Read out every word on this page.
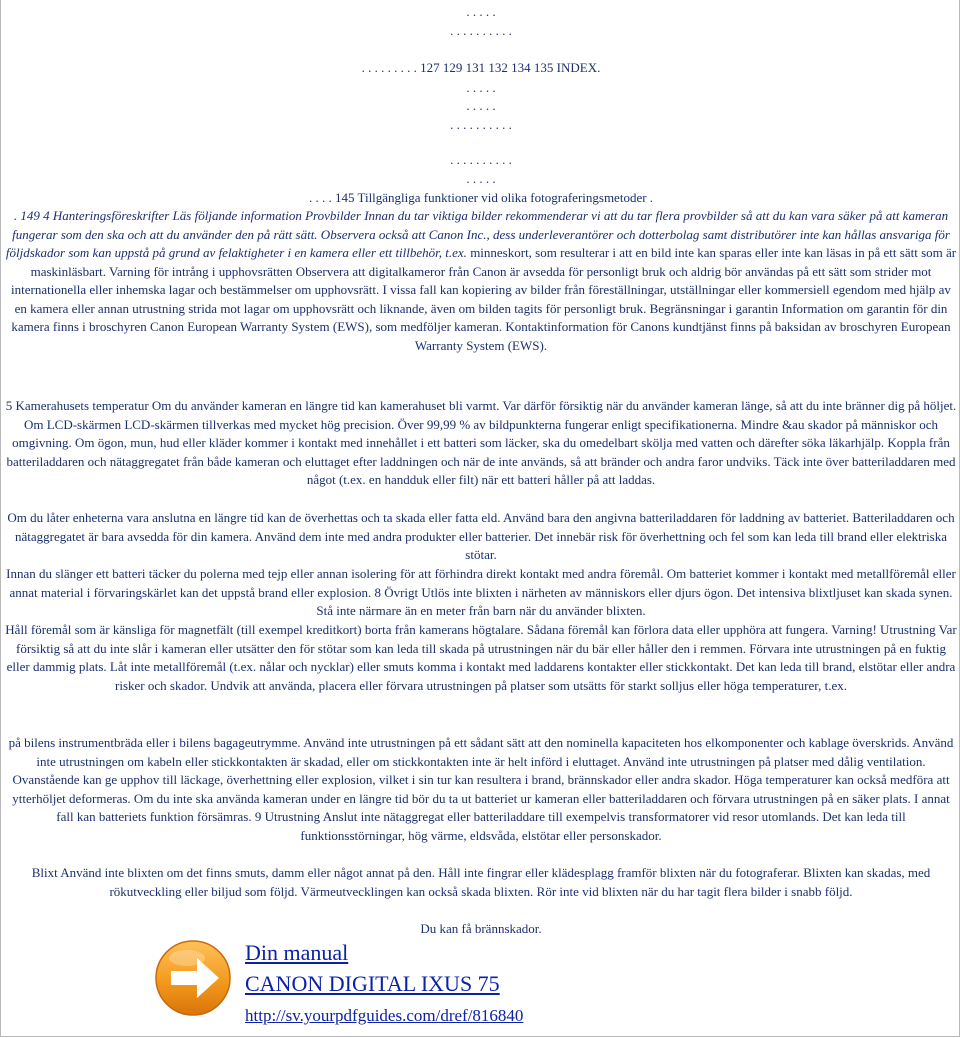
. . . . .
. . . . . . . . . .
. . . . . . . . . 127 129 131 132 134 135 INDEX.
. . . . .
. . . . .
. . . . . . . . . .
. . . . . . . . . .
. . . . .
. . . . 145 Tillgängliga funktioner vid olika fotograferingsmetoder .
. 149 4 Hanteringsföreskrifter Läs följande information Provbilder Innan du tar viktiga bilder rekommenderar vi att du tar flera provbilder så att du kan vara säker på att kameran fungerar som den ska och att du använder den på rätt sätt. Observera också att Canon Inc., dess underleverantörer och dotterbolag samt distributörer inte kan hållas ansvariga för följdskador som kan uppstå på grund av felaktigheter i en kamera eller ett tillbehör, t.ex. minneskort, som resulterar i att en bild inte kan sparas eller inte kan läsas in på ett sätt som är maskinläsbart. Varning för intrång i upphovsrätten Observera att digitalkameror från Canon är avsedda för personligt bruk och aldrig bör användas på ett sätt som strider mot internationella eller inhemska lagar och bestämmelser om upphovsrätt. I vissa fall kan kopiering av bilder från föreställningar, utställningar eller kommersiell egendom med hjälp av en kamera eller annan utrustning strida mot lagar om upphovsrätt och liknande, även om bilden tagits för personligt bruk. Begränsningar i garantin Information om garantin för din kamera finns i broschyren Canon European Warranty System (EWS), som medföljer kameran. Kontaktinformation för Canons kundtjänst finns på baksidan av broschyren European Warranty System (EWS).
5 Kamerahusets temperatur Om du använder kameran en längre tid kan kamerahuset bli varmt. Var därför försiktig när du använder kameran länge, så att du inte bränner dig på höljet. Om LCD-skärmen LCD-skärmen tillverkas med mycket hög precision. Över 99,99 % av bildpunkterna fungerar enligt specifikationerna. Mindre &au skador på människor och omgivning. Om ögon, mun, hud eller kläder kommer i kontakt med innehållet i ett batteri som läcker, ska du omedelbart skölja med vatten och därefter söka läkarhjälp. Koppla från batteriladdaren och nätaggregatet från både kameran och eluttaget efter laddningen och när de inte används, så att bränder och andra faror undviks. Täck inte över batteriladdaren med något (t.ex. en handduk eller filt) när ett batteri håller på att laddas.
Om du låter enheterna vara anslutna en längre tid kan de överhettas och ta skada eller fatta eld. Använd bara den angivna batteriladdaren för laddning av batteriet. Batteriladdaren och nätaggregatet är bara avsedda för din kamera. Använd dem inte med andra produkter eller batterier. Det innebär risk för överhettning och fel som kan leda till brand eller elektriska stötar.
Innan du slänger ett batteri täcker du polerna med tejp eller annan isolering för att förhindra direkt kontakt med andra föremål. Om batteriet kommer i kontakt med metallföremål eller annat material i förvaringskärlet kan det uppstå brand eller explosion. 8 Övrigt Utlös inte blixten i närheten av människors eller djurs ögon. Det intensiva blixtljuset kan skada synen. Stå inte närmare än en meter från barn när du använder blixten.
Håll föremål som är känsliga för magnetfält (till exempel kreditkort) borta från kamerans högtalare. Sådana föremål kan förlora data eller upphöra att fungera. Varning! Utrustning Var försiktig så att du inte slår i kameran eller utsätter den för stötar som kan leda till skada på utrustningen när du bär eller håller den i remmen. Förvara inte utrustningen på en fuktig eller dammig plats. Låt inte metallföremål (t.ex. nålar och nycklar) eller smuts komma i kontakt med laddarens kontakter eller stickkontakt. Det kan leda till brand, elstötar eller andra risker och skador. Undvik att använda, placera eller förvara utrustningen på platser som utsätts för starkt solljus eller höga temperaturer, t.ex.
på bilens instrumentbräda eller i bilens bagageutrymme. Använd inte utrustningen på ett sådant sätt att den nominella kapaciteten hos elkomponenter och kablage överskrids. Använd inte utrustningen om kabeln eller stickkontakten är skadad, eller om stickkontakten inte är helt införd i eluttaget. Använd inte utrustningen på platser med dålig ventilation. Ovanstående kan ge upphov till läckage, överhettning eller explosion, vilket i sin tur kan resultera i brand, brännskador eller andra skador. Höga temperaturer kan också medföra att ytterhöljet deformeras. Om du inte ska använda kameran under en längre tid bör du ta ut batteriet ur kameran eller batteriladdaren och förvara utrustningen på en säker plats. I annat fall kan batteriets funktion försämras. 9 Utrustning Anslut inte nätaggregat eller batteriladdare till exempelvis transformatorer vid resor utomlands. Det kan leda till funktionsstörningar, hög värme, eldsvåda, elstötar eller personskador.
Blixt Använd inte blixten om det finns smuts, damm eller något annat på den. Håll inte fingrar eller klädesplagg framför blixten när du fotograferar. Blixten kan skadas, med rökutveckling eller biljud som följd. Värmeutvecklingen kan också skada blixten. Rör inte vid blixten när du har tagit flera bilder i snabb följd.
Du kan få brännskador.
Din manual
CANON DIGITAL IXUS 75
http://sv.yourpdfguides.com/dref/816840
